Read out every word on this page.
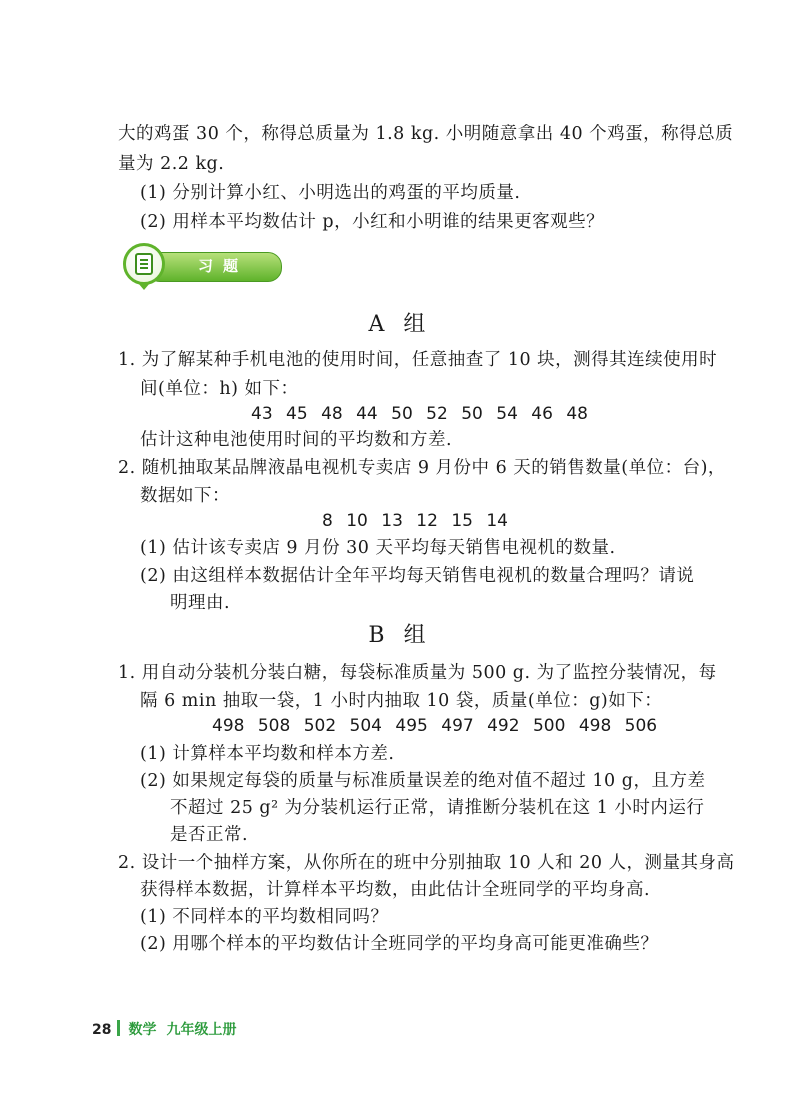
大的鸡蛋 30 个，称得总质量为 1.8 kg. 小明随意拿出 40 个鸡蛋，称得总质
量为 2.2 kg.
(1) 分别计算小红、小明选出的鸡蛋的平均质量.
(2) 用样本平均数估计 p，小红和小明谁的结果更客观些？
习题
A 组
1. 为了解某种手机电池的使用时间，任意抽查了 10 块，测得其连续使用时
间(单位：h) 如下：
43 45 48 44 50 52 50 54 46 48
估计这种电池使用时间的平均数和方差.
2. 随机抽取某品牌液晶电视机专卖店 9 月份中 6 天的销售数量(单位：台)，
数据如下：
8 10 13 12 15 14
(1) 估计该专卖店 9 月份 30 天平均每天销售电视机的数量.
(2) 由这组样本数据估计全年平均每天销售电视机的数量合理吗？请说
明理由.
B 组
1. 用自动分装机分装白糖，每袋标准质量为 500 g. 为了监控分装情况，每
隔 6 min 抽取一袋，1 小时内抽取 10 袋，质量(单位：g)如下：
498 508 502 504 495 497 492 500 498 506
(1) 计算样本平均数和样本方差.
(2) 如果规定每袋的质量与标准质量误差的绝对值不超过 10 g，且方差
不超过 25 g² 为分装机运行正常，请推断分装机在这 1 小时内运行
是否正常.
2. 设计一个抽样方案，从你所在的班中分别抽取 10 人和 20 人，测量其身高
获得样本数据，计算样本平均数，由此估计全班同学的平均身高.
(1) 不同样本的平均数相同吗？
(2) 用哪个样本的平均数估计全班同学的平均身高可能更准确些？
28 数学 九年级上册
